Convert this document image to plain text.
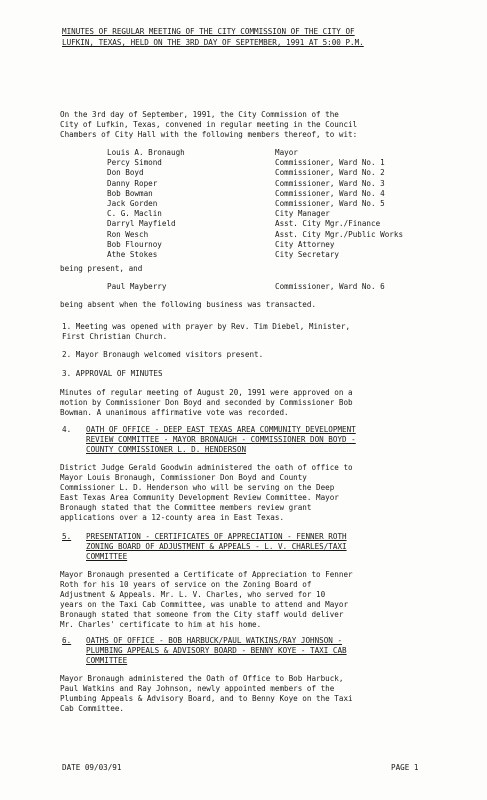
MINUTES OF REGULAR MEETING OF THE CITY COMMISSION OF THE CITY OF
LUFKIN, TEXAS, HELD ON THE 3RD DAY OF SEPTEMBER, 1991 AT 5:00 P.M.
On the 3rd day of September, 1991, the City Commission of the
City of Lufkin, Texas, convened in regular meeting in the Council
Chambers of City Hall with the following members thereof, to wit:
Louis A. Bronaugh	Mayor
Percy Simond	Commissioner, Ward No. 1
Don Boyd	Commissioner, Ward No. 2
Danny Roper	Commissioner, Ward No. 3
Bob Bowman	Commissioner, Ward No. 4
Jack Gorden	Commissioner, Ward No. 5
C. G. Maclin	City Manager
Darryl Mayfield	Asst. City Mgr./Finance
Ron Wesch	Asst. City Mgr./Public Works
Bob Flournoy	City Attorney
Athe Stokes	City Secretary
being present, and
Paul Mayberry	Commissioner, Ward No. 6
being absent when the following business was transacted.
1. Meeting was opened with prayer by Rev. Tim Diebel, Minister,
First Christian Church.
2. Mayor Bronaugh welcomed visitors present.
3. APPROVAL OF MINUTES
Minutes of regular meeting of August 20, 1991 were approved on a
motion by Commissioner Don Boyd and seconded by Commissioner Bob
Bowman. A unanimous affirmative vote was recorded.
4. OATH OF OFFICE - DEEP EAST TEXAS AREA COMMUNITY DEVELOPMENT
REVIEW COMMITTEE - MAYOR BRONAUGH - COMMISSIONER DON BOYD -
COUNTY COMMISSIONER L. D. HENDERSON
District Judge Gerald Goodwin administered the oath of office to
Mayor Louis Bronaugh, Commissioner Don Boyd and County
Commissioner L. D. Henderson who will be serving on the Deep
East Texas Area Community Development Review Committee. Mayor
Bronaugh stated that the Committee members review grant
applications over a 12-county area in East Texas.
5. PRESENTATION - CERTIFICATES OF APPRECIATION - FENNER ROTH
ZONING BOARD OF ADJUSTMENT & APPEALS - L. V. CHARLES/TAXI
COMMITTEE
Mayor Bronaugh presented a Certificate of Appreciation to Fenner
Roth for his 10 years of service on the Zoning Board of
Adjustment & Appeals. Mr. L. V. Charles, who served for 10
years on the Taxi Cab Committee, was unable to attend and Mayor
Bronaugh stated that someone from the City staff would deliver
Mr. Charles' certificate to him at his home.
6. OATHS OF OFFICE - BOB HARBUCK/PAUL WATKINS/RAY JOHNSON -
PLUMBING APPEALS & ADVISORY BOARD - BENNY KOYE - TAXI CAB
COMMITTEE
Mayor Bronaugh administered the Oath of Office to Bob Harbuck,
Paul Watkins and Ray Johnson, newly appointed members of the
Plumbing Appeals & Advisory Board, and to Benny Koye on the Taxi
Cab Committee.
DATE 09/03/91	PAGE 1
